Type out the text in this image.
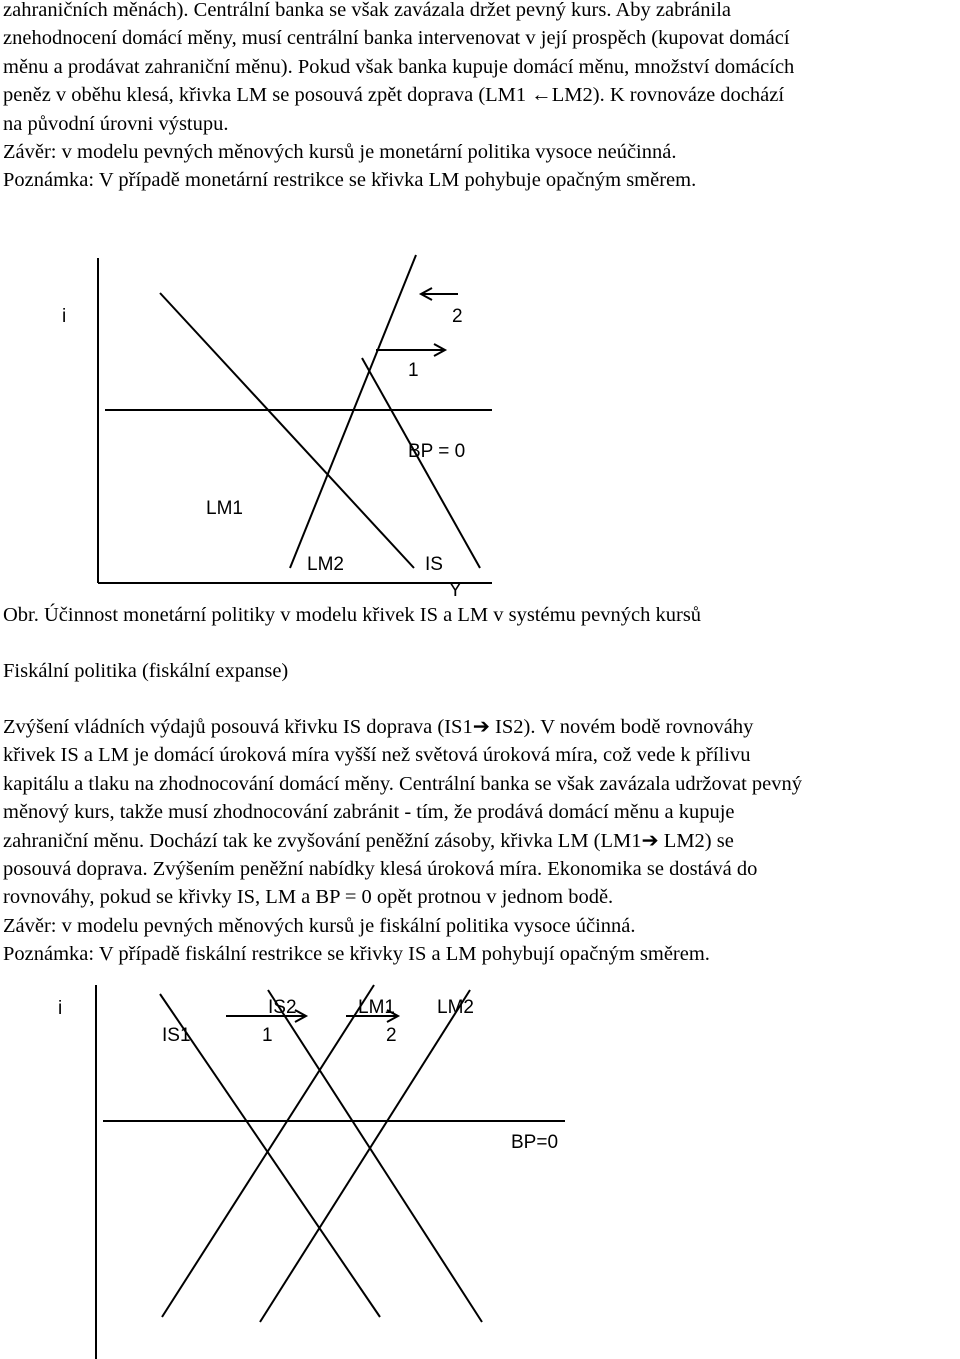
zahraničních měnách). Centrální banka se však zavázala držet pevný kurs. Aby zabránila
znehodnocení domácí měny, musí centrální banka intervenovat v její prospěch (kupovat domácí
měnu a prodávat zahraniční měnu). Pokud však banka kupuje domácí měnu, množství domácích
peněz v oběhu klesá, křivka LM se posouvá zpět doprava (LM1 ←LM2). K rovnováze dochází
na původní úrovni výstupu.
Závěr: v modelu pevných měnových kursů je monetární politika vysoce neúčinná.
Poznámka: V případě monetární restrikce se křivka LM pohybuje opačným směrem.
i	2
1
BP = 0
LM1
LM2	IS
Y
Obr. Účinnost monetární politiky v modelu křivek IS a LM v systému pevných kursů
Fiskální politika (fiskální expanse)
Zvýšení vládních výdajů posouvá křivku IS doprava (IS1➔ IS2). V novém bodě rovnováhy
křivek IS a LM je domácí úroková míra vyšší než světová úroková míra, což vede k přílivu
kapitálu a tlaku na zhodnocování domácí měny. Centrální banka se však zavázala udržovat pevný
měnový kurs, takže musí zhodnocování zabránit - tím, že prodává domácí měnu a kupuje
zahraniční měnu. Dochází tak ke zvyšování peněžní zásoby, křivka LM (LM1➔ LM2) se
posouvá doprava. Zvýšením peněžní nabídky klesá úroková míra. Ekonomika se dostává do
rovnováhy, pokud se křivky IS, LM a BP = 0 opět protnou v jednom bodě.
Závěr: v modelu pevných měnových kursů je fiskální politika vysoce účinná.
Poznámka: V případě fiskální restrikce se křivky IS a LM pohybují opačným směrem.
i	IS2	LM1 LM2
IS1	1	2
BP=0
